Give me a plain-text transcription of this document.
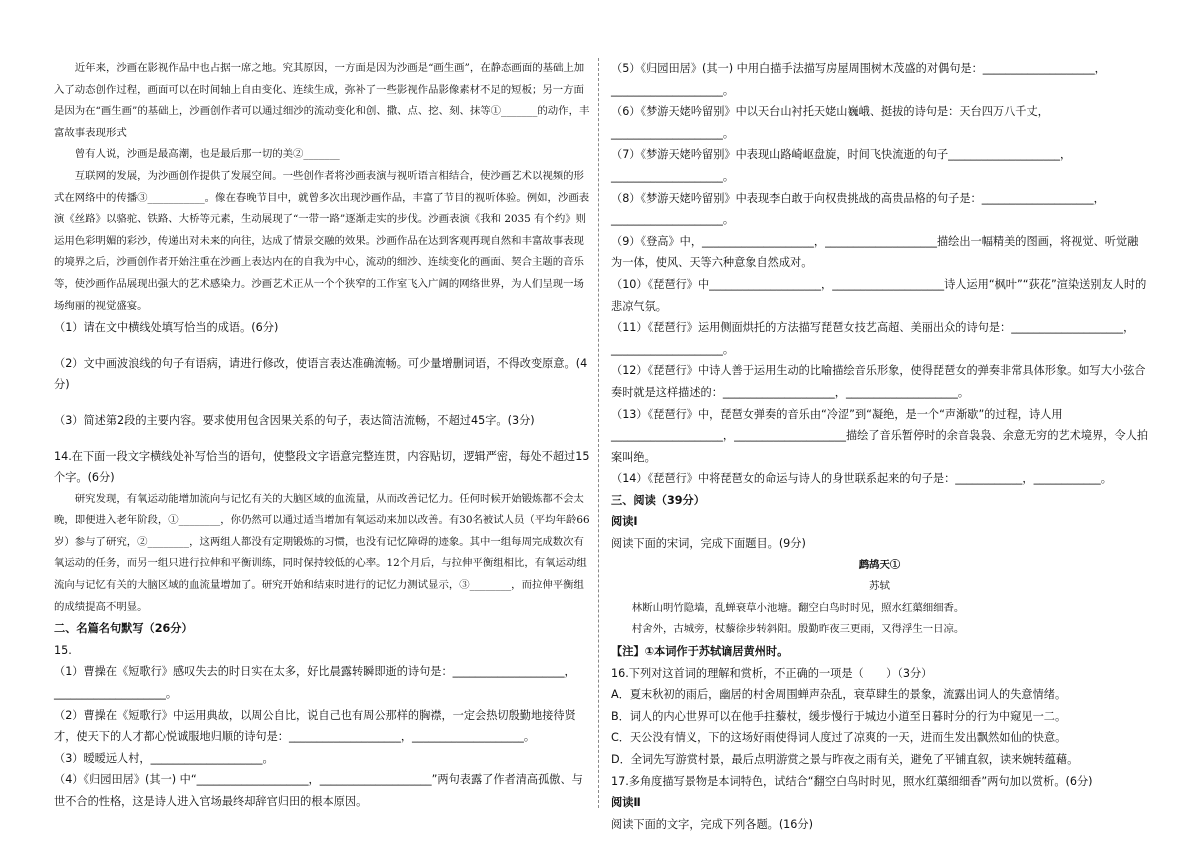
近年来，沙画在影视作品中也占据一席之地。究其原因，一方面是因为沙画是“画生画”，在静态画面的基础上加入了动态创作过程，画面可以在时间轴上自由变化、连续生成，弥补了一些影视作品影像素材不足的短板；另一方面是因为在“画生画”的基础上，沙画创作者可以通过细沙的流动变化和创、撒、点、挖、刻、抹等①_______的动作，丰富故事表现形式

曾有人说，沙画是最高潮，也是最后那一切的美②_______

互联网的发展，为沙画创作提供了发展空间。一些创作者将沙画表演与视听语言相结合，使沙画艺术以视频的形式在网络中的传播③___________。像在春晚节目中，就曾多次出现沙画作品，丰富了节目的视听体验。例如，沙画表演《丝路》以骆驼、铁路、大桥等元素，生动展现了“一带一路”逐渐走实的步伐。沙画表演《我和 2035 有个约》则运用色彩明媚的彩沙，传递出对未来的向往，达成了情景交融的效果。沙画作品在达到客观再现自然和丰富故事表现的境界之后，沙画创作者开始注重在沙画上表达内在的自我为中心，流动的细沙、连续变化的画面、契合主题的音乐等，使沙画作品展现出强大的艺术感染力。沙画艺术正从一个个狭窄的工作室飞入广阔的网络世界，为人们呈现一场场绚丽的视觉盛宴。

（1）请在文中横线处填写恰当的成语。(6分)

（2）文中画波浪线的句子有语病，请进行修改，使语言表达准确流畅。可少量增删词语，不得改变原意。(4分)

（3）简述第2段的主要内容。要求使用包含因果关系的句子，表达简洁流畅，不超过45字。(3分)

14.在下面一段文字横线处补写恰当的语句，使整段文字语意完整连贯，内容贴切，逻辑严密，每处不超过15个字。(6分)

研究发现，有氧运动能增加流向与记忆有关的大脑区域的血流量，从而改善记忆力。任何时候开始锻炼都不会太晚，即便进入老年阶段，①________，你仍然可以通过适当增加有氧运动来加以改善。有30名被试人员（平均年龄66岁）参与了研究，②________，这两组人都没有定期锻炼的习惯，也没有记忆障碍的迹象。其中一组每周完成数次有氧运动的任务，而另一组只进行拉伸和平衡训练，同时保持较低的心率。12个月后，与拉伸平衡组相比，有氧运动组流向与记忆有关的大脑区域的血流量增加了。研究开始和结束时进行的记忆力测试显示，③________，而拉伸平衡组的成绩提高不明显。

二、名篇名句默写（26分）

15.

（1）曹操在《短歌行》感叹失去的时日实在太多，好比晨露转瞬即逝的诗句是：____________________，____________________。

（2）曹操在《短歌行》中运用典故，以周公自比，说自己也有周公那样的胸襟，一定会热切殷勤地接待贤才，使天下的人才都心悦诚服地归顺的诗句是：____________________，____________________。

（3）暧暧远人村，____________________。

（4）《归园田居》(其一) 中“____________________，____________________”两句表露了作者清高孤傲、与世不合的性格，这是诗人进入官场最终却辞官归田的根本原因。

（5）《归园田居》(其一) 中用白描手法描写房屋周围树木茂盛的对偶句是：____________________，____________________。

（6）《梦游天姥吟留别》中以天台山衬托天姥山巍峨、挺拔的诗句是：天台四万八千丈，____________________。

（7）《梦游天姥吟留别》中表现山路崎岖盘旋，时间飞快流逝的句子____________________，____________________。

（8）《梦游天姥吟留别》中表现李白敢于向权贵挑战的高贵品格的句子是：____________________，____________________。

（9）《登高》中，____________________，____________________描绘出一幅精美的图画，将视觉、听觉融为一体，使风、天等六种意象自然成对。

（10）《琵琶行》中____________________，____________________诗人运用“枫叶”“荻花”渲染送别友人时的悲凉气氛。

（11）《琵琶行》运用侧面烘托的方法描写琵琶女技艺高超、美丽出众的诗句是：____________________，____________________。

（12）《琵琶行》中诗人善于运用生动的比喻描绘音乐形象，使得琵琶女的弹奏非常具体形象。如写大小弦合奏时就是这样描述的：____________________，____________________。

（13）《琵琶行》中，琵琶女弹奏的音乐由“冷涩”到“凝绝，是一个“声渐歇”的过程，诗人用____________________，____________________描绘了音乐暂停时的余音袅袅、余意无穷的艺术境界，令人拍案叫绝。

（14）《琵琶行》中将琵琶女的命运与诗人的身世联系起来的句子是：____________，____________。

三、阅读（39分）

阅读Ⅰ

阅读下面的宋词，完成下面题目。(9分)

鹧鸪天①

苏轼

林断山明竹隐墙，乱蝉衰草小池塘。翻空白鸟时时见，照水红蕖细细香。

村舍外，古城旁，杖藜徐步转斜阳。殷勤昨夜三更雨，又得浮生一日凉。

【注】①本词作于苏轼谪居黄州时。

16.下列对这首词的理解和赏析，不正确的一项是（　　）（3分）

A．夏末秋初的雨后，幽居的村舍周围蝉声杂乱，衰草肆生的景象，流露出词人的失意情绪。

B．词人的内心世界可以在他手拄藜杖，缓步慢行于城边小道至日暮时分的行为中窥见一二。

C．天公没有情义，下的这场好雨使得词人度过了凉爽的一天，进而生发出飘然如仙的快意。

D．全词先写游赏村景，最后点明游赏之景与昨夜之雨有关，避免了平铺直叙，读来婉转蕴藉。

17.多角度描写景物是本词特色，试结合“翻空白鸟时时见，照水红蕖细细香”两句加以赏析。(6分)

阅读Ⅱ

阅读下面的文字，完成下列各题。(16分)
